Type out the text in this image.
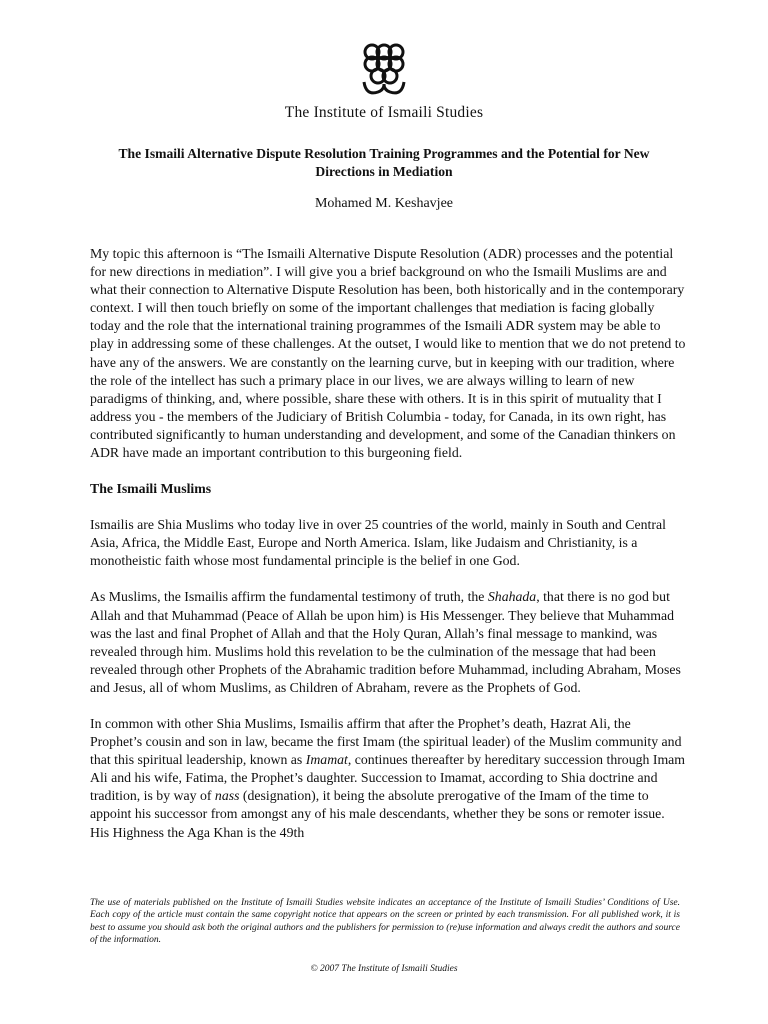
The Institute of Ismaili Studies
The Ismaili Alternative Dispute Resolution Training Programmes and the Potential for New Directions in Mediation
Mohamed M. Keshavjee

My topic this afternoon is “The Ismaili Alternative Dispute Resolution (ADR) processes and the potential for new directions in mediation”. I will give you a brief background on who the Ismaili Muslims are and what their connection to Alternative Dispute Resolution has been, both historically and in the contemporary context. I will then touch briefly on some of the important challenges that mediation is facing globally today and the role that the international training programmes of the Ismaili ADR system may be able to play in addressing some of these challenges. At the outset, I would like to mention that we do not pretend to have any of the answers. We are constantly on the learning curve, but in keeping with our tradition, where the role of the intellect has such a primary place in our lives, we are always willing to learn of new paradigms of thinking, and, where possible, share these with others. It is in this spirit of mutuality that I address you - the members of the Judiciary of British Columbia - today, for Canada, in its own right, has contributed significantly to human understanding and development, and some of the Canadian thinkers on ADR have made an important contribution to this burgeoning field.

The Ismaili Muslims

Ismailis are Shia Muslims who today live in over 25 countries of the world, mainly in South and Central Asia, Africa, the Middle East, Europe and North America. Islam, like Judaism and Christianity, is a monotheistic faith whose most fundamental principle is the belief in one God.

As Muslims, the Ismailis affirm the fundamental testimony of truth, the Shahada, that there is no god but Allah and that Muhammad (Peace of Allah be upon him) is His Messenger. They believe that Muhammad was the last and final Prophet of Allah and that the Holy Quran, Allah’s final message to mankind, was revealed through him. Muslims hold this revelation to be the culmination of the message that had been revealed through other Prophets of the Abrahamic tradition before Muhammad, including Abraham, Moses and Jesus, all of whom Muslims, as Children of Abraham, revere as the Prophets of God.

In common with other Shia Muslims, Ismailis affirm that after the Prophet’s death, Hazrat Ali, the Prophet’s cousin and son in law, became the first Imam (the spiritual leader) of the Muslim community and that this spiritual leadership, known as Imamat, continues thereafter by hereditary succession through Imam Ali and his wife, Fatima, the Prophet’s daughter. Succession to Imamat, according to Shia doctrine and tradition, is by way of nass (designation), it being the absolute prerogative of the Imam of the time to appoint his successor from amongst any of his male descendants, whether they be sons or remoter issue. His Highness the Aga Khan is the 49th

The use of materials published on the Institute of Ismaili Studies website indicates an acceptance of the Institute of Ismaili Studies’ Conditions of Use. Each copy of the article must contain the same copyright notice that appears on the screen or printed by each transmission. For all published work, it is best to assume you should ask both the original authors and the publishers for permission to (re)use information and always credit the authors and source of the information.
© 2007 The Institute of Ismaili Studies
